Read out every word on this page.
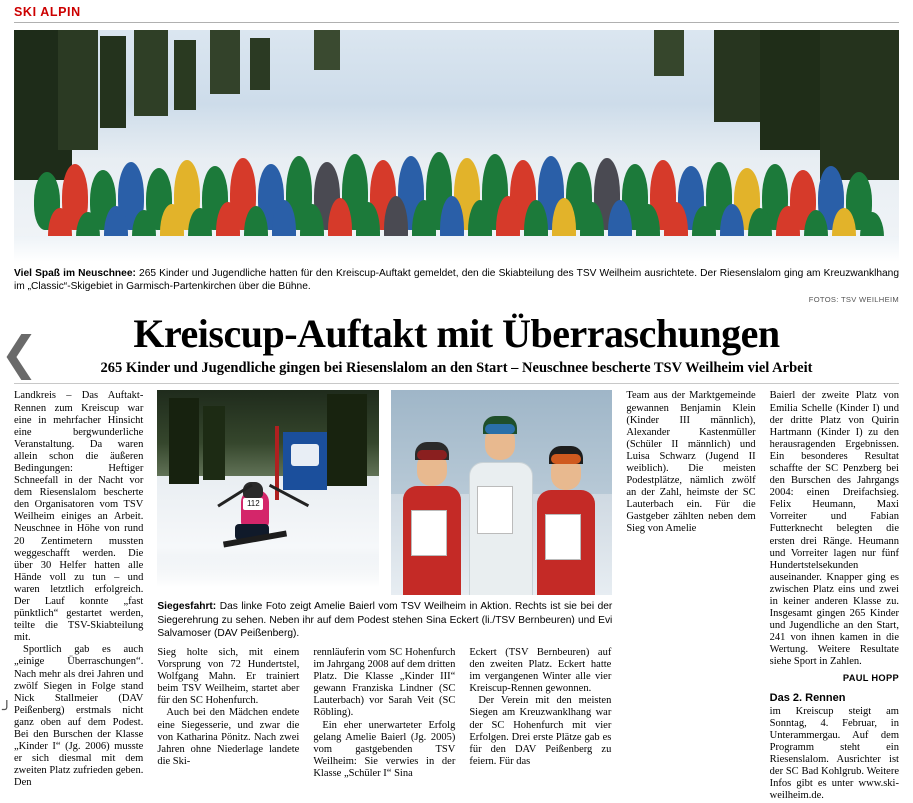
❮
╯
SKI ALPIN
Viel Spaß im Neuschnee: 265 Kinder und Jugendliche hatten für den Kreiscup-Auftakt gemeldet, den die Skiabteilung des TSV Weilheim ausrichtete. Der Riesenslalom ging am Kreuzwanklhang im „Classic“-Skigebiet in Garmisch-Partenkirchen über die Bühne.
FOTOS: TSV WEILHEIM
Kreiscup-Auftakt mit Überraschungen
265 Kinder und Jugendliche gingen bei Riesenslalom an den Start – Neuschnee bescherte TSV Weilheim viel Arbeit

Landkreis – Das Auftakt-Rennen zum Kreiscup war eine in mehrfacher Hinsicht eine bergwunderliche Veranstaltung. Da waren allein schon die äußeren Bedingungen: Heftiger Schneefall in der Nacht vor dem Riesenslalom bescherte den Organisatoren vom TSV Weilheim einiges an Arbeit. Neuschnee in Höhe von rund 20 Zentimetern mussten weggeschafft werden. Die über 30 Helfer hatten alle Hände voll zu tun – und waren letztlich erfolgreich. Der Lauf konnte „fast pünktlich“ gestartet werden, teilte die TSV-Skiabteilung mit.

Sportlich gab es auch „einige Überraschungen“. Nach mehr als drei Jahren und zwölf Siegen in Folge stand Nick Stallmeier (DAV Peißenberg) erstmals nicht ganz oben auf dem Podest. Bei den Burschen der Klasse „Kinder I“ (Jg. 2006) musste er sich diesmal mit dem zweiten Platz zufrieden geben. Den

112
Siegesfahrt: Das linke Foto zeigt Amelie Baierl vom TSV Weilheim in Aktion. Rechts ist sie bei der Siegerehrung zu sehen. Neben ihr auf dem Podest stehen Sina Eckert (li./TSV Bernbeuren) und Evi Salvamoser (DAV Peißenberg).

Sieg holte sich, mit einem Vorsprung von 72 Hundertstel, Wolfgang Mahn. Er trainiert beim TSV Weilheim, startet aber für den SC Hohenfurch.

Auch bei den Mädchen endete eine Siegesserie, und zwar die von Katharina Pönitz. Nach zwei Jahren ohne Niederlage landete die Ski-

rennläuferin vom SC Hohenfurch im Jahrgang 2008 auf dem dritten Platz. Die Klasse „Kinder III“ gewann Franziska Lindner (SC Lauterbach) vor Sarah Veit (SC Röbling).

Ein eher unerwarteter Erfolg gelang Amelie Baierl (Jg. 2005) vom gastgebenden TSV Weilheim: Sie verwies in der Klasse „Schüler I“ Sina

Eckert (TSV Bernbeuren) auf den zweiten Platz. Eckert hatte im vergangenen Winter alle vier Kreiscup-Rennen gewonnen.

Der Verein mit den meisten Siegen am Kreuzwanklhang war der SC Hohenfurch mit vier Erfolgen. Drei erste Plätze gab es für den DAV Peißenberg zu feiern. Für das

Team aus der Marktgemeinde gewannen Benjamin Klein (Kinder III männlich), Alexander Kastenmüller (Schüler II männlich) und Luisa Schwarz (Jugend II weiblich). Die meisten Podestplätze, nämlich zwölf an der Zahl, heimste der SC Lauterbach ein. Für die Gastgeber zählten neben dem Sieg von Amelie

Baierl der zweite Platz von Emilia Schelle (Kinder I) und der dritte Platz von Quirin Hartmann (Kinder I) zu den herausragenden Ergebnissen. Ein besonderes Resultat schaffte der SC Penzberg bei den Burschen des Jahrgangs 2004: einen Dreifachsieg. Felix Heumann, Maxi Vorreiter und Fabian Futterknecht belegten die ersten drei Ränge. Heumann und Vorreiter lagen nur fünf Hundertstelsekunden auseinander. Knapper ging es zwischen Platz eins und zwei in keiner anderen Klasse zu. Insgesamt gingen 265 Kinder und Jugendliche an den Start, 241 von ihnen kamen in die Wertung. Weitere Resultate siehe Sport in Zahlen.

PAUL HOPP
Das 2. Rennen

im Kreiscup steigt am Sonntag, 4. Februar, in Unterammergau. Auf dem Programm steht ein Riesenslalom. Ausrichter ist der SC Bad Kohlgrub. Weitere Infos gibt es unter www.ski-weilheim.de.
